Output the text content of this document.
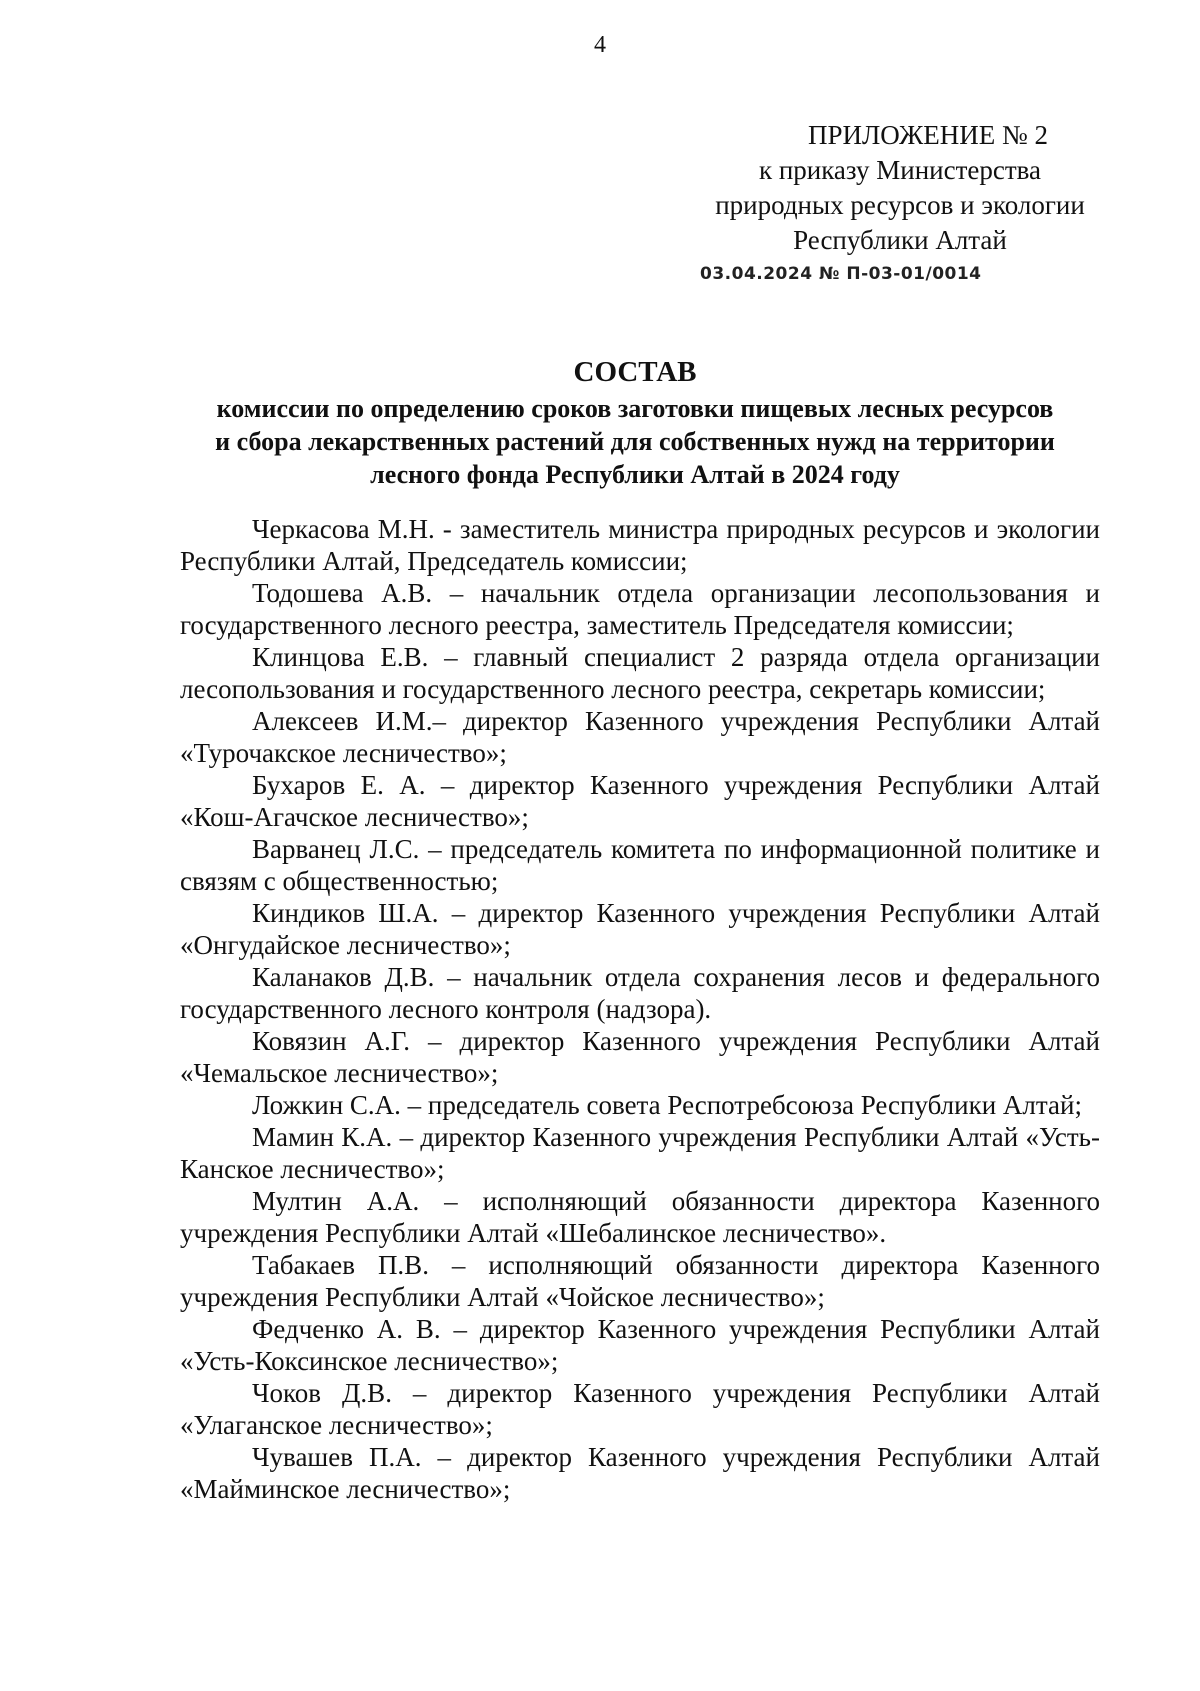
4
ПРИЛОЖЕНИЕ № 2
к приказу Министерства
природных ресурсов и экологии
Республики Алтай
03.04.2024 № П-03-01/0014
СОСТАВ
комиссии по определению сроков заготовки пищевых лесных ресурсов
и сбора лекарственных растений для собственных нужд на территории
лесного фонда Республики Алтай в 2024 году

Черкасова М.Н. - заместитель министра природных ресурсов и экологии Республики Алтай, Председатель комиссии;

Тодошева А.В. – начальник отдела организации лесопользования и государственного лесного реестра, заместитель Председателя комиссии;

Клинцова Е.В. – главный специалист 2 разряда отдела организации лесопользования и государственного лесного реестра, секретарь комиссии;

Алексеев И.М.– директор Казенного учреждения Республики Алтай «Турочакское лесничество»;

Бухаров Е. А. – директор Казенного учреждения Республики Алтай «Кош-Агачское лесничество»;

Варванец Л.С. – председатель комитета по информационной политике и связям с общественностью;

Киндиков Ш.А. – директор Казенного учреждения Республики Алтай «Онгудайское лесничество»;

Каланаков Д.В. – начальник отдела сохранения лесов и федерального государственного лесного контроля (надзора).

Ковязин А.Г. – директор Казенного учреждения Республики Алтай «Чемальское лесничество»;

Ложкин С.А. – председатель совета Респотребсоюза Республики Алтай;

Мамин К.А. – директор Казенного учреждения Республики Алтай «Усть-Канское лесничество»;

Мултин А.А. – исполняющий обязанности директора Казенного учреждения Республики Алтай «Шебалинское лесничество».

Табакаев П.В. – исполняющий обязанности директора Казенного учреждения Республики Алтай «Чойское лесничество»;

Федченко А. В. – директор Казенного учреждения Республики Алтай «Усть-Коксинское лесничество»;

Чоков Д.В. – директор Казенного учреждения Республики Алтай «Улаганское лесничество»;

Чувашев П.А. – директор Казенного учреждения Республики Алтай «Майминское лесничество»;
